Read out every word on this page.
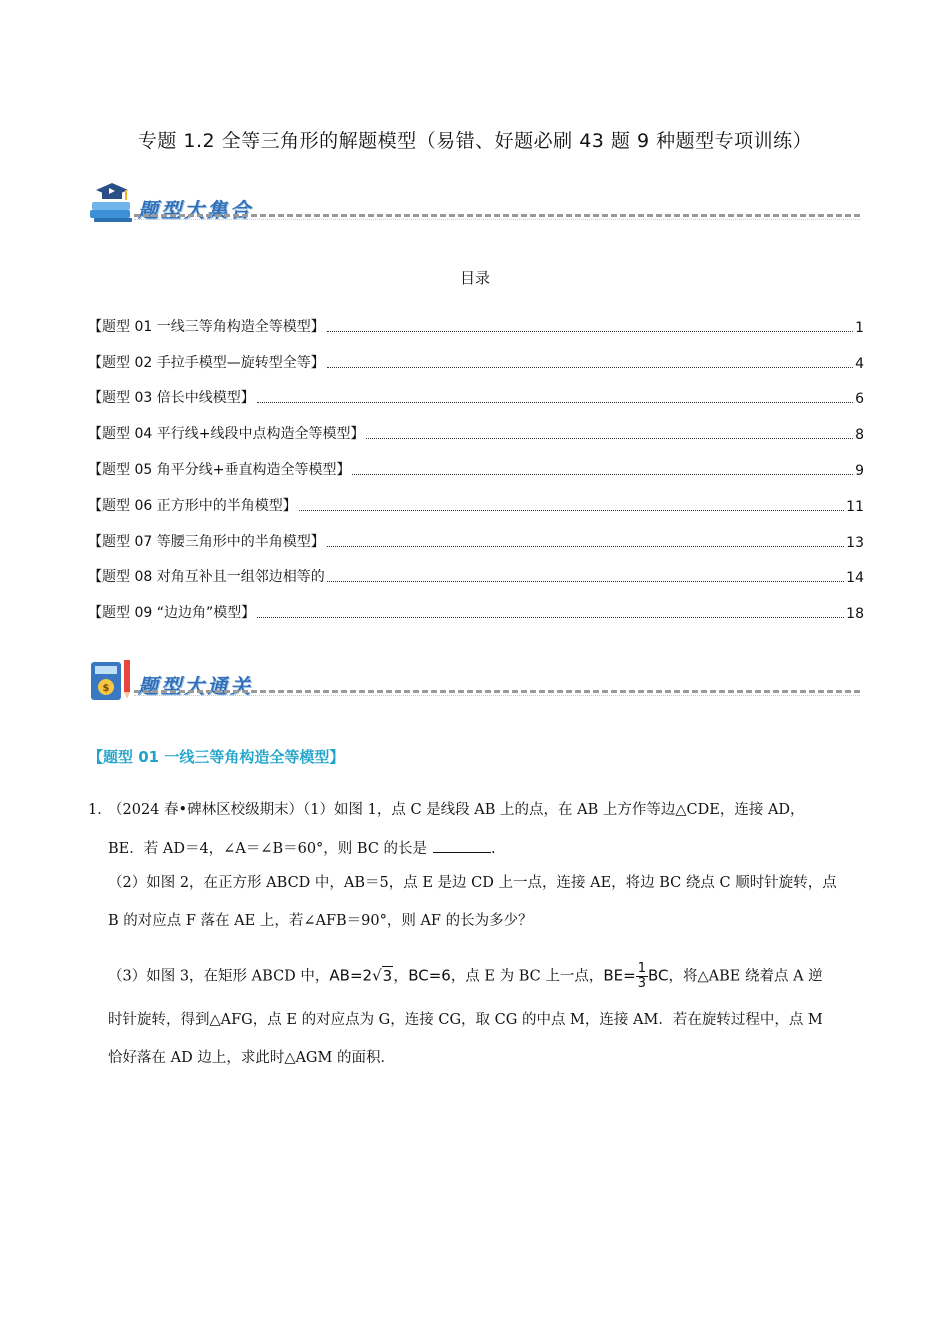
专题 1.2 全等三角形的解题模型（易错、好题必刷 43 题 9 种题型专项训练）
题型大集合
目录
【题型 01 一线三等角构造全等模型】	1
【题型 02 手拉手模型—旋转型全等】	4
【题型 03 倍长中线模型】	6
【题型 04 平行线+线段中点构造全等模型】	8
【题型 05 角平分线+垂直构造全等模型】	9
【题型 06 正方形中的半角模型】	11
【题型 07 等腰三角形中的半角模型】	13
【题型 08 对角互补且一组邻边相等的	14
【题型 09 “边边角”模型】	18
$ 题型大通关
【题型 01 一线三等角构造全等模型】
1．
（2024 春•碑林区校级期末）（1）如图 1，点 C 是线段 AB 上的点，在 AB 上方作等边△CDE，连接 AD，
BE．若 AD＝4，∠A＝∠B＝60°，则 BC 的长是	.
（2）如图 2，在正方形 ABCD 中，AB＝5，点 E 是边 CD 上一点，连接 AE，将边 BC 绕点 C 顺时针旋转，点
B 的对应点 F 落在 AE 上，若∠AFB＝90°，则 AF 的长为多少？
（3）如图 3，在矩形 ABCD 中，AB=2√3，BC=6，点 E 为 BC 上一点，$BE= \frac{1}{3}$ BC，将△ABE 绕着点 A 逆
时针旋转，得到△AFG，点 E 的对应点为 G，连接 CG，取 CG 的中点 M，连接 AM．若在旋转过程中，点 M
恰好落在 AD 边上，求此时△AGM 的面积．
